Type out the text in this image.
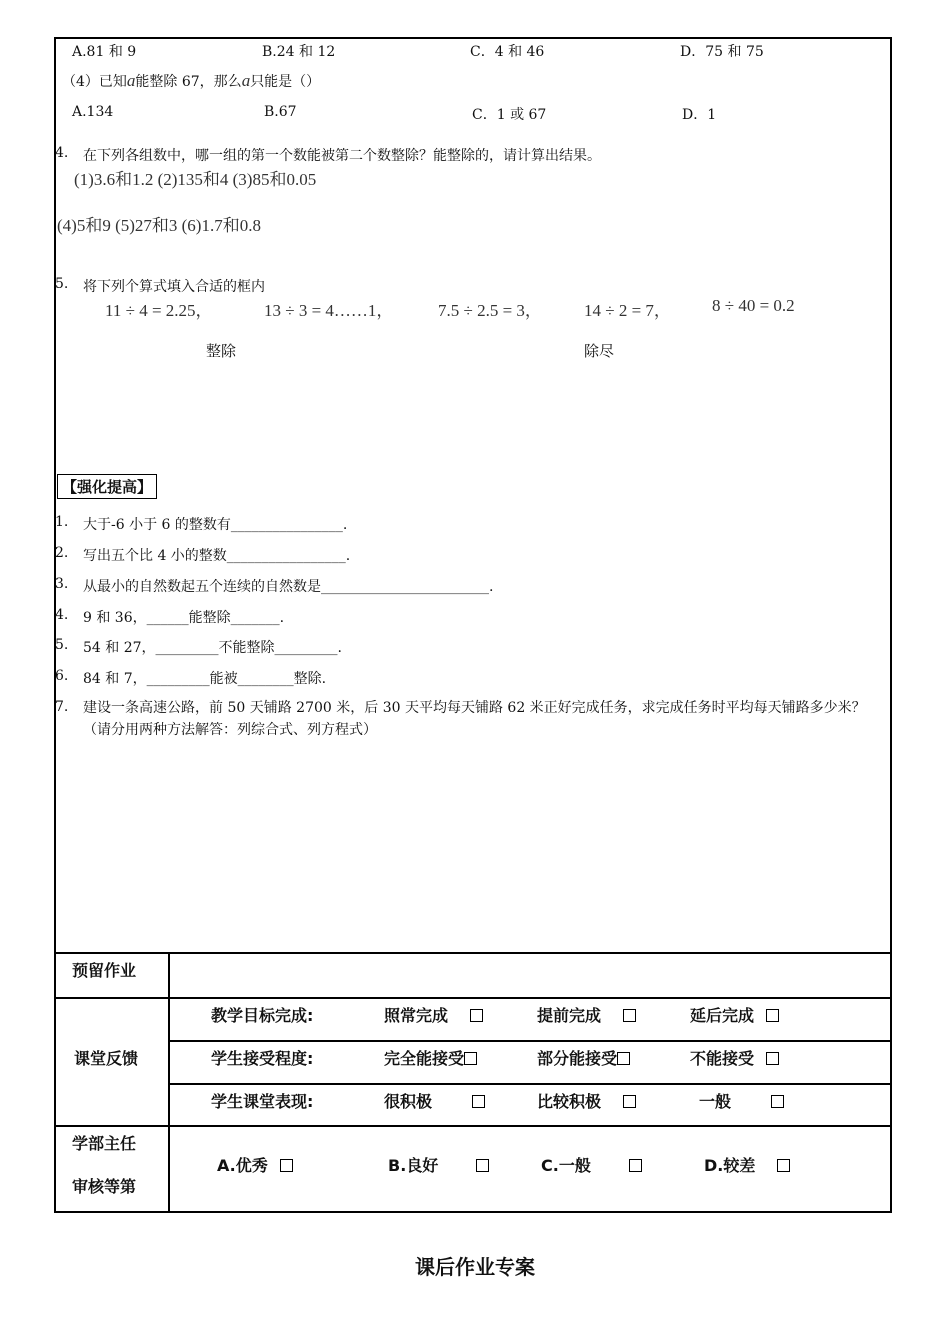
A.81 和 9	B.24 和 12	C．4 和 46	D．75 和 75
（4）已知a能整除 67，那么a只能是（）
A.134	B.67	C．1 或 67	D．1
4. 在下列各组数中，哪一组的第一个数能被第二个数整除？能整除的，请计算出结果。
(1)3.6和1.2 (2)135和4 (3)85和0.05
(4)5和9 (5)27和3 (6)1.7和0.8
5. 将下列个算式填入合适的框内
11 ÷ 4 = 2.25，	13 ÷ 3 = 4……1，	7.5 ÷ 2.5 = 3， 14 ÷ 2 = 7， 8 ÷ 40 = 0.2
整除	除尽
【强化提高】
1. 大于-6 小于 6 的整数有________________.
2. 写出五个比 4 小的整数_________________.
3. 从最小的自然数起五个连续的自然数是________________________.
4. 9 和 36，______能整除_______.
5. 54 和 27，_________不能整除_________.
6. 84 和 7，_________能被________整除.
7. 建设一条高速公路，前 50 天铺路 2700 米，后 30 天平均每天铺路 62 米正好完成任务，求完成任务时平均每天铺路多少米？（请分用两种方法解答：列综合式、列方程式）
预留作业
课堂反馈
教学目标完成:	照常完成	提前完成	延后完成
学生接受程度:	完全能接受	部分能接受	不能接受
学生课堂表现:	很积极	比较积极	一般
学部主任
审核等第
A.优秀	B.良好	C.一般	D.较差
课后作业专案
